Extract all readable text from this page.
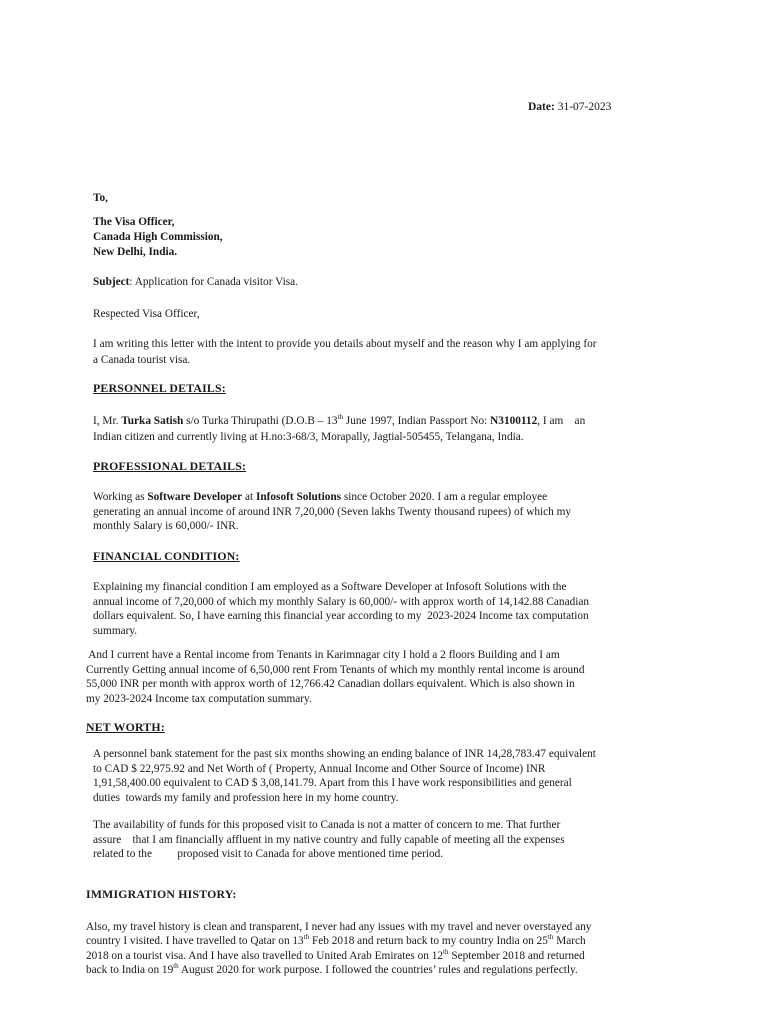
Date: 31-07-2023
To,
The Visa Officer,
Canada High Commission,
New Delhi, India.
Subject: Application for Canada visitor Visa.
Respected Visa Officer,
I am writing this letter with the intent to provide you details about myself and the reason why I am applying for
a Canada tourist visa.
PERSONNEL DETAILS:
I, Mr. Turka Satish s/o Turka Thirupathi (D.O.B – 13th June 1997, Indian Passport No: N3100112, I am    an
Indian citizen and currently living at H.no:3-68/3, Morapally, Jagtial-505455, Telangana, India.
PROFESSIONAL DETAILS:
Working as Software Developer at Infosoft Solutions since October 2020. I am a regular employee
generating an annual income of around INR 7,20,000 (Seven lakhs Twenty thousand rupees) of which my
monthly Salary is 60,000/- INR.
FINANCIAL CONDITION:
Explaining my financial condition I am employed as a Software Developer at Infosoft Solutions with the
annual income of 7,20,000 of which my monthly Salary is 60,000/- with approx worth of 14,142.88 Canadian
dollars equivalent. So, I have earning this financial year according to my  2023-2024 Income tax computation
summary.
And I current have a Rental income from Tenants in Karimnagar city I hold a 2 floors Building and I am
Currently Getting annual income of 6,50,000 rent From Tenants of which my monthly rental income is around
55,000 INR per month with approx worth of 12,766.42 Canadian dollars equivalent. Which is also shown in
my 2023-2024 Income tax computation summary.
NET WORTH:
A personnel bank statement for the past six months showing an ending balance of INR 14,28,783.47 equivalent
to CAD $ 22,975.92 and Net Worth of ( Property, Annual Income and Other Source of Income) INR
1,91,58,400.00 equivalent to CAD $ 3,08,141.79. Apart from this I have work responsibilities and general
duties  towards my family and profession here in my home country.
The availability of funds for this proposed visit to Canada is not a matter of concern to me. That further
assure    that I am financially affluent in my native country and fully capable of meeting all the expenses
related to the         proposed visit to Canada for above mentioned time period.
IMMIGRATION HISTORY:
Also, my travel history is clean and transparent, I never had any issues with my travel and never overstayed any
country I visited. I have travelled to Qatar on 13th Feb 2018 and return back to my country India on 25th March
2018 on a tourist visa. And I have also travelled to United Arab Emirates on 12th September 2018 and returned
back to India on 19th August 2020 for work purpose. I followed the countries’ rules and regulations perfectly.
